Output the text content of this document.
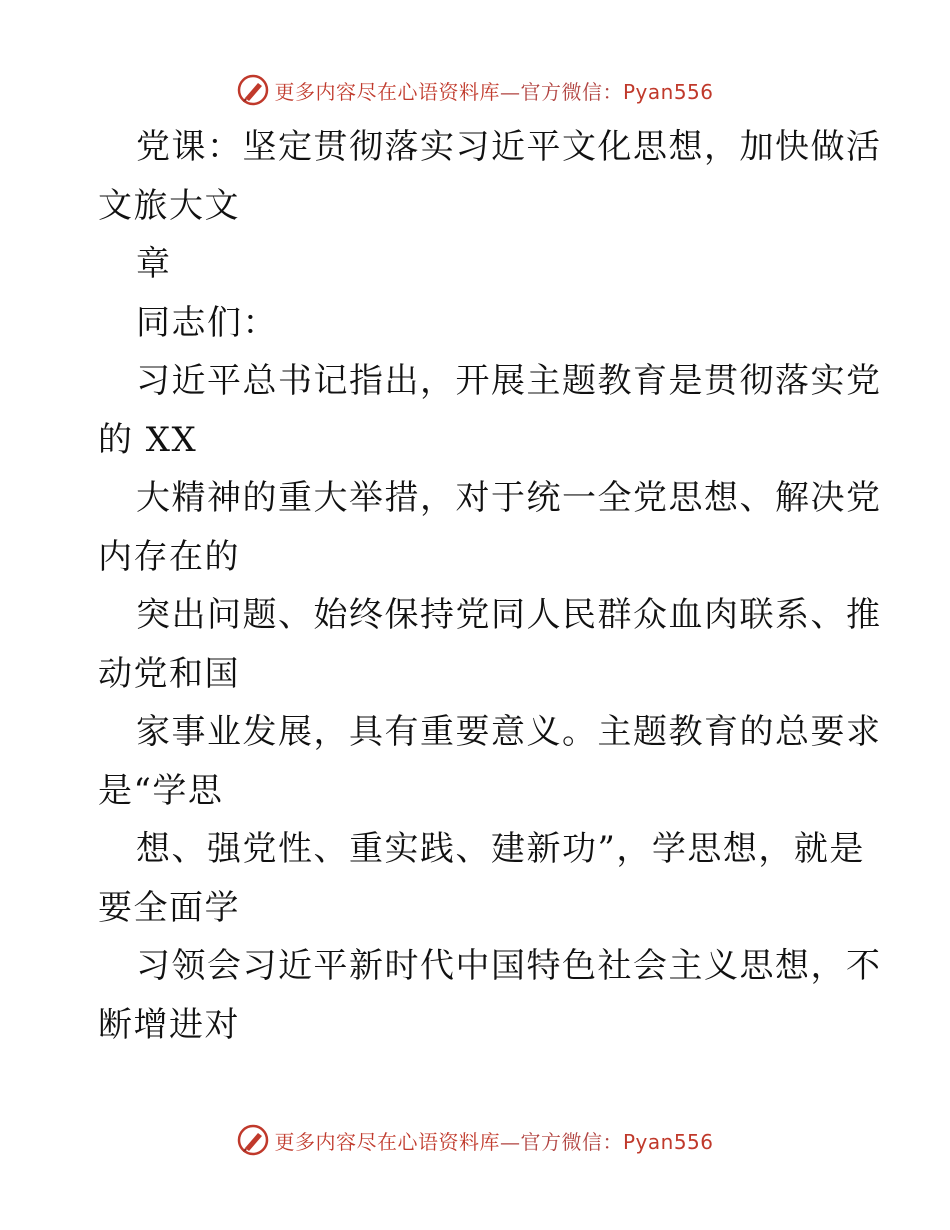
更多内容尽在心语资料库—官方微信：Pyan556
党课：坚定贯彻落实习近平文化思想，加快做活
文旅大文
章
同志们：
习近平总书记指出，开展主题教育是贯彻落实党
的 XX
大精神的重大举措，对于统一全党思想、解决党
内存在的
突出问题、始终保持党同人民群众血肉联系、推
动党和国
家事业发展，具有重要意义。主题教育的总要求
是“学思
想、强党性、重实践、建新功”，学思想，就是
要全面学
习领会习近平新时代中国特色社会主义思想，不
断增进对
更多内容尽在心语资料库—官方微信：Pyan556
